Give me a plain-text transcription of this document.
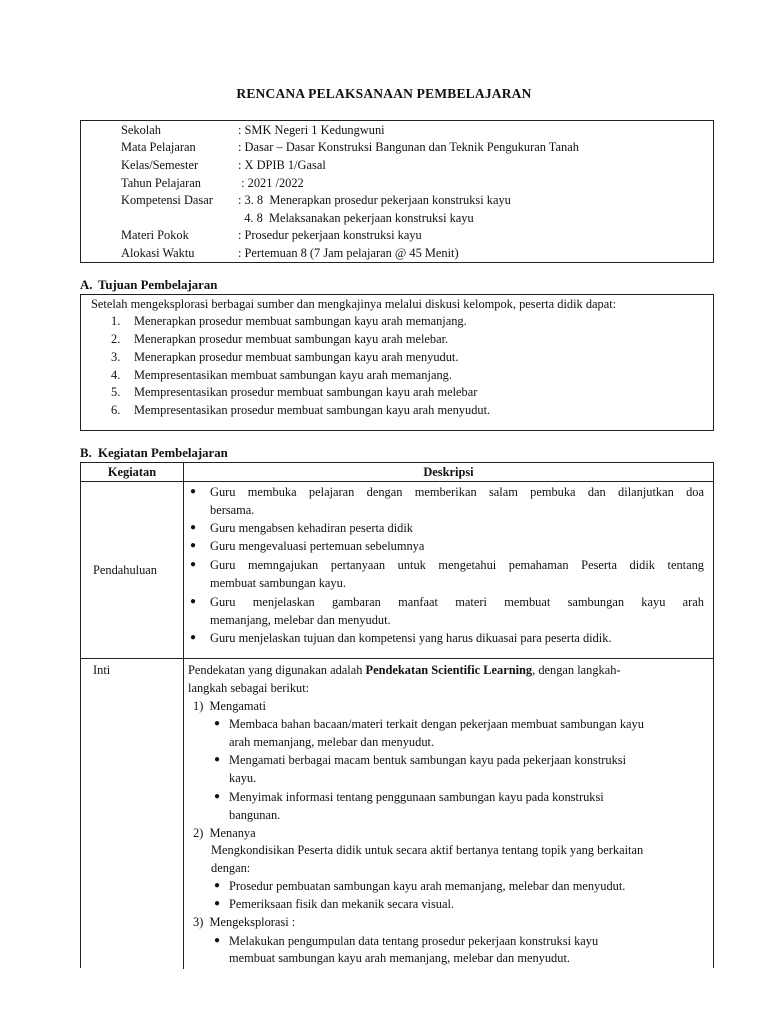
RENCANA PELAKSANAAN PEMBELAJARAN
Sekolah	: SMK Negeri 1 Kedungwuni
Mata Pelajaran	: Dasar – Dasar Konstruksi Bangunan dan Teknik Pengukuran Tanah
Kelas/Semester	: X DPIB 1/Gasal
Tahun Pelajaran	: 2021 /2022
Kompetensi Dasar	: 3. 8  Menerapkan prosedur pekerjaan konstruksi kayu
4. 8  Melaksanakan pekerjaan konstruksi kayu
Materi Pokok	: Prosedur pekerjaan konstruksi kayu
Alokasi Waktu	: Pertemuan 8 (7 Jam pelajaran @ 45 Menit)
A. Tujuan Pembelajaran
Setelah mengeksplorasi berbagai sumber dan mengkajinya melalui diskusi kelompok, peserta didik dapat:
1. Menerapkan prosedur membuat sambungan kayu arah memanjang.
2. Menerapkan prosedur membuat sambungan kayu arah melebar.
3. Menerapkan prosedur membuat sambungan kayu arah menyudut.
4. Mempresentasikan membuat sambungan kayu arah memanjang.
5. Mempresentasikan prosedur membuat sambungan kayu arah melebar
6. Mempresentasikan prosedur membuat sambungan kayu arah menyudut.
B. Kegiatan Pembelajaran
Kegiatan	Deskripsi
Pendahuluan
● Guru membuka pelajaran dengan memberikan salam pembuka dan dilanjutkan doa
bersama.
● Guru mengabsen kehadiran peserta didik
● Guru mengevaluasi pertemuan sebelumnya
● Guru memngajukan pertanyaan untuk mengetahui pemahaman Peserta didik tentang
membuat sambungan kayu.
● Guru menjelaskan gambaran manfaat materi membuat sambungan kayu arah
memanjang, melebar dan menyudut.
● Guru menjelaskan tujuan dan kompetensi yang harus dikuasai para peserta didik.
Inti	Pendekatan yang digunakan adalah Pendekatan Scientific Learning, dengan langkah-
langkah sebagai berikut:
1)  Mengamati
● Membaca bahan bacaan/materi terkait dengan pekerjaan membuat sambungan kayu
arah memanjang, melebar dan menyudut.
● Mengamati berbagai macam bentuk sambungan kayu pada pekerjaan konstruksi
kayu.
● Menyimak informasi tentang penggunaan sambungan kayu pada konstruksi
bangunan.
2)  Menanya
Mengkondisikan Peserta didik untuk secara aktif bertanya tentang topik yang berkaitan
dengan:
● Prosedur pembuatan sambungan kayu arah memanjang, melebar dan menyudut.
● Pemeriksaan fisik dan mekanik secara visual.
3)  Mengeksplorasi :
● Melakukan pengumpulan data tentang prosedur pekerjaan konstruksi kayu
membuat sambungan kayu arah memanjang, melebar dan menyudut.
